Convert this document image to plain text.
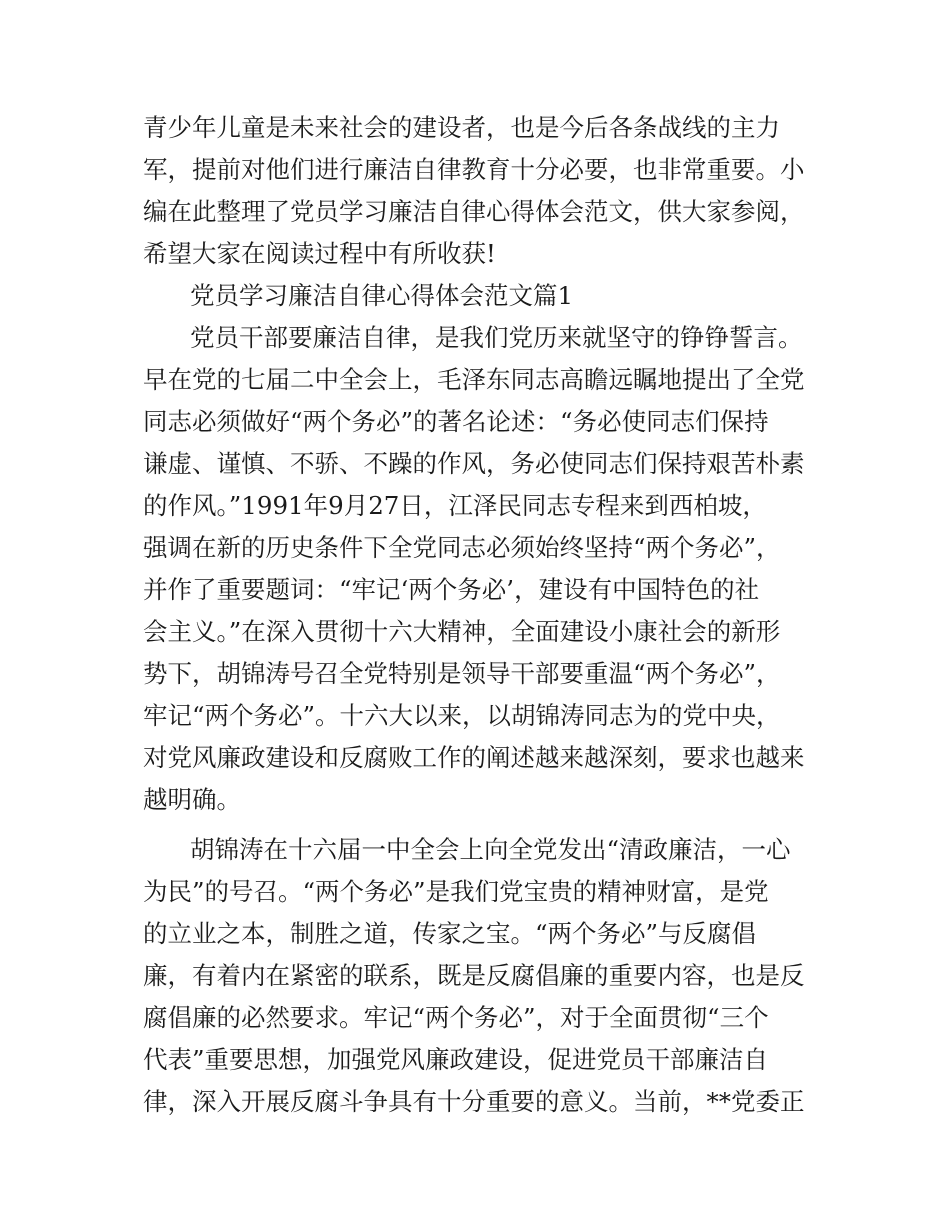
青少年儿童是未来社会的建设者，也是今后各条战线的主力
军，提前对他们进行廉洁自律教育十分必要，也非常重要。小
编在此整理了党员学习廉洁自律心得体会范文，供大家参阅，
希望大家在阅读过程中有所收获!
党员学习廉洁自律心得体会范文篇1
党员干部要廉洁自律，是我们党历来就坚守的铮铮誓言。
早在党的七届二中全会上，毛泽东同志高瞻远瞩地提出了全党
同志必须做好“两个务必”的著名论述：“务必使同志们保持
谦虚、谨慎、不骄、不躁的作风，务必使同志们保持艰苦朴素
的作风。”1991年9月27日，江泽民同志专程来到西柏坡，
强调在新的历史条件下全党同志必须始终坚持“两个务必”，
并作了重要题词：“牢记‘两个务必’，建设有中国特色的社
会主义。”在深入贯彻十六大精神，全面建设小康社会的新形
势下，胡锦涛号召全党特别是领导干部要重温“两个务必”，
牢记“两个务必”。十六大以来，以胡锦涛同志为的党中央，
对党风廉政建设和反腐败工作的阐述越来越深刻，要求也越来
越明确。
胡锦涛在十六届一中全会上向全党发出“清政廉洁，一心
为民”的号召。“两个务必”是我们党宝贵的精神财富，是党
的立业之本，制胜之道，传家之宝。“两个务必”与反腐倡
廉，有着内在紧密的联系，既是反腐倡廉的重要内容，也是反
腐倡廉的必然要求。牢记“两个务必”，对于全面贯彻“三个
代表”重要思想，加强党风廉政建设，促进党员干部廉洁自
律，深入开展反腐斗争具有十分重要的意义。当前，**党委正
